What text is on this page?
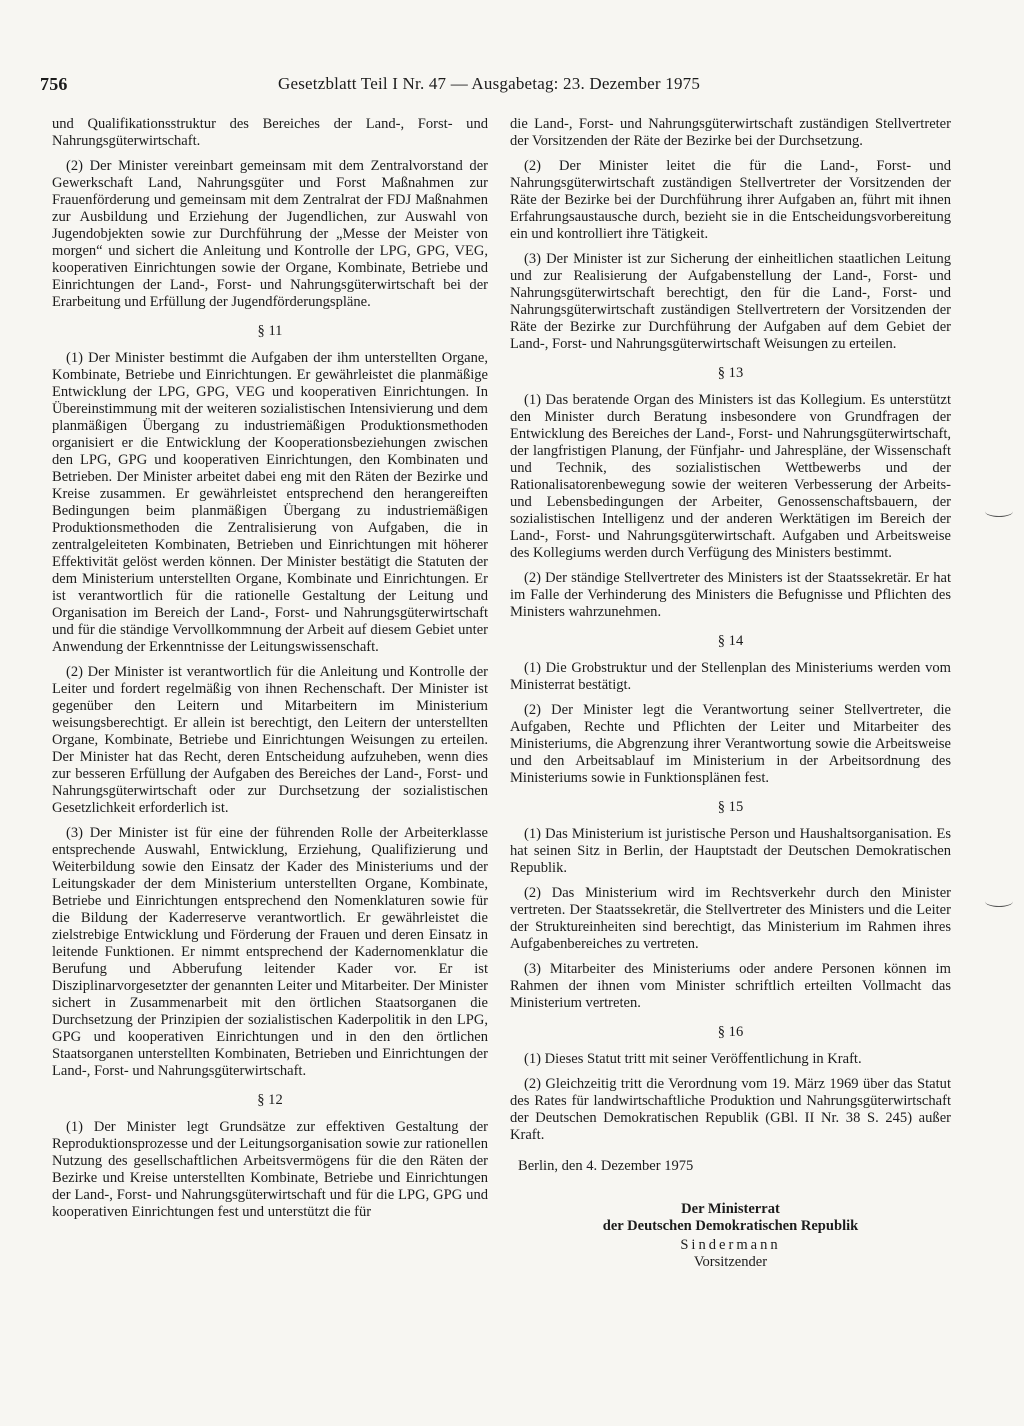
756	Gesetzblatt Teil I Nr. 47 — Ausgabetag: 23. Dezember 1975

und Qualifikationsstruktur des Bereiches der Land-, Forst- und Nahrungsgüterwirtschaft.

(2) Der Minister vereinbart gemeinsam mit dem Zentralvorstand der Gewerkschaft Land, Nahrungsgüter und Forst Maßnahmen zur Frauenförderung und gemeinsam mit dem Zentralrat der FDJ Maßnahmen zur Ausbildung und Erziehung der Jugendlichen, zur Auswahl von Jugendobjekten sowie zur Durchführung der „Messe der Meister von morgen“ und sichert die Anleitung und Kontrolle der LPG, GPG, VEG, kooperativen Einrichtungen sowie der Organe, Kombinate, Betriebe und Einrichtungen der Land-, Forst- und Nahrungsgüterwirtschaft bei der Erarbeitung und Erfüllung der Jugendförderungspläne.

§ 11

(1) Der Minister bestimmt die Aufgaben der ihm unterstellten Organe, Kombinate, Betriebe und Einrichtungen. Er gewährleistet die planmäßige Entwicklung der LPG, GPG, VEG und kooperativen Einrichtungen. In Übereinstimmung mit der weiteren sozialistischen Intensivierung und dem planmäßigen Übergang zu industriemäßigen Produktionsmethoden organisiert er die Entwicklung der Kooperationsbeziehungen zwischen den LPG, GPG und kooperativen Einrichtungen, den Kombinaten und Betrieben. Der Minister arbeitet dabei eng mit den Räten der Bezirke und Kreise zusammen. Er gewährleistet entsprechend den herangereiften Bedingungen beim planmäßigen Übergang zu industriemäßigen Produktionsmethoden die Zentralisierung von Aufgaben, die in zentralgeleiteten Kombinaten, Betrieben und Einrichtungen mit höherer Effektivität gelöst werden können. Der Minister bestätigt die Statuten der dem Ministerium unterstellten Organe, Kombinate und Einrichtungen. Er ist verantwortlich für die rationelle Gestaltung der Leitung und Organisation im Bereich der Land-, Forst- und Nahrungsgüterwirtschaft und für die ständige Vervollkommnung der Arbeit auf diesem Gebiet unter Anwendung der Erkenntnisse der Leitungswissenschaft.

(2) Der Minister ist verantwortlich für die Anleitung und Kontrolle der Leiter und fordert regelmäßig von ihnen Rechenschaft. Der Minister ist gegenüber den Leitern und Mitarbeitern im Ministerium weisungsberechtigt. Er allein ist berechtigt, den Leitern der unterstellten Organe, Kombinate, Betriebe und Einrichtungen Weisungen zu erteilen. Der Minister hat das Recht, deren Entscheidung aufzuheben, wenn dies zur besseren Erfüllung der Aufgaben des Bereiches der Land-, Forst- und Nahrungsgüterwirtschaft oder zur Durchsetzung der sozialistischen Gesetzlichkeit erforderlich ist.

(3) Der Minister ist für eine der führenden Rolle der Arbeiterklasse entsprechende Auswahl, Entwicklung, Erziehung, Qualifizierung und Weiterbildung sowie den Einsatz der Kader des Ministeriums und der Leitungskader der dem Ministerium unterstellten Organe, Kombinate, Betriebe und Einrichtungen entsprechend den Nomenklaturen sowie für die Bildung der Kaderreserve verantwortlich. Er gewährleistet die zielstrebige Entwicklung und Förderung der Frauen und deren Einsatz in leitende Funktionen. Er nimmt entsprechend der Kadernomenklatur die Berufung und Abberufung leitender Kader vor. Er ist Disziplinarvorgesetzter der genannten Leiter und Mitarbeiter. Der Minister sichert in Zusammenarbeit mit den örtlichen Staatsorganen die Durchsetzung der Prinzipien der sozialistischen Kaderpolitik in den LPG, GPG und kooperativen Einrichtungen und in den den örtlichen Staatsorganen unterstellten Kombinaten, Betrieben und Einrichtungen der Land-, Forst- und Nahrungsgüterwirtschaft.

§ 12

(1) Der Minister legt Grundsätze zur effektiven Gestaltung der Reproduktionsprozesse und der Leitungsorganisation sowie zur rationellen Nutzung des gesellschaftlichen Arbeitsvermögens für die den Räten der Bezirke und Kreise unterstellten Kombinate, Betriebe und Einrichtungen der Land-, Forst- und Nahrungsgüterwirtschaft und für die LPG, GPG und kooperativen Einrichtungen fest und unterstützt die für

die Land-, Forst- und Nahrungsgüterwirtschaft zuständigen Stellvertreter der Vorsitzenden der Räte der Bezirke bei der Durchsetzung.

(2) Der Minister leitet die für die Land-, Forst- und Nahrungsgüterwirtschaft zuständigen Stellvertreter der Vorsitzenden der Räte der Bezirke bei der Durchführung ihrer Aufgaben an, führt mit ihnen Erfahrungsaustausche durch, bezieht sie in die Entscheidungsvorbereitung ein und kontrolliert ihre Tätigkeit.

(3) Der Minister ist zur Sicherung der einheitlichen staatlichen Leitung und zur Realisierung der Aufgabenstellung der Land-, Forst- und Nahrungsgüterwirtschaft berechtigt, den für die Land-, Forst- und Nahrungsgüterwirtschaft zuständigen Stellvertretern der Vorsitzenden der Räte der Bezirke zur Durchführung der Aufgaben auf dem Gebiet der Land-, Forst- und Nahrungsgüterwirtschaft Weisungen zu erteilen.

§ 13

(1) Das beratende Organ des Ministers ist das Kollegium. Es unterstützt den Minister durch Beratung insbesondere von Grundfragen der Entwicklung des Bereiches der Land-, Forst- und Nahrungsgüterwirtschaft, der langfristigen Planung, der Fünfjahr- und Jahrespläne, der Wissenschaft und Technik, des sozialistischen Wettbewerbs und der Rationalisatorenbewegung sowie der weiteren Verbesserung der Arbeits- und Lebensbedingungen der Arbeiter, Genossenschaftsbauern, der sozialistischen Intelligenz und der anderen Werktätigen im Bereich der Land-, Forst- und Nahrungsgüterwirtschaft. Aufgaben und Arbeitsweise des Kollegiums werden durch Verfügung des Ministers bestimmt.

(2) Der ständige Stellvertreter des Ministers ist der Staatssekretär. Er hat im Falle der Verhinderung des Ministers die Befugnisse und Pflichten des Ministers wahrzunehmen.

§ 14

(1) Die Grobstruktur und der Stellenplan des Ministeriums werden vom Ministerrat bestätigt.

(2) Der Minister legt die Verantwortung seiner Stellvertreter, die Aufgaben, Rechte und Pflichten der Leiter und Mitarbeiter des Ministeriums, die Abgrenzung ihrer Verantwortung sowie die Arbeitsweise und den Arbeitsablauf im Ministerium in der Arbeitsordnung des Ministeriums sowie in Funktionsplänen fest.

§ 15

(1) Das Ministerium ist juristische Person und Haushaltsorganisation. Es hat seinen Sitz in Berlin, der Hauptstadt der Deutschen Demokratischen Republik.

(2) Das Ministerium wird im Rechtsverkehr durch den Minister vertreten. Der Staatssekretär, die Stellvertreter des Ministers und die Leiter der Struktureinheiten sind berechtigt, das Ministerium im Rahmen ihres Aufgabenbereiches zu vertreten.

(3) Mitarbeiter des Ministeriums oder andere Personen können im Rahmen der ihnen vom Minister schriftlich erteilten Vollmacht das Ministerium vertreten.

§ 16

(1) Dieses Statut tritt mit seiner Veröffentlichung in Kraft.

(2) Gleichzeitig tritt die Verordnung vom 19. März 1969 über das Statut des Rates für landwirtschaftliche Produktion und Nahrungsgüterwirtschaft der Deutschen Demokratischen Republik (GBl. II Nr. 38 S. 245) außer Kraft.

Berlin, den 4. Dezember 1975
Der Ministerrat
der Deutschen Demokratischen Republik
Sindermann
Vorsitzender
